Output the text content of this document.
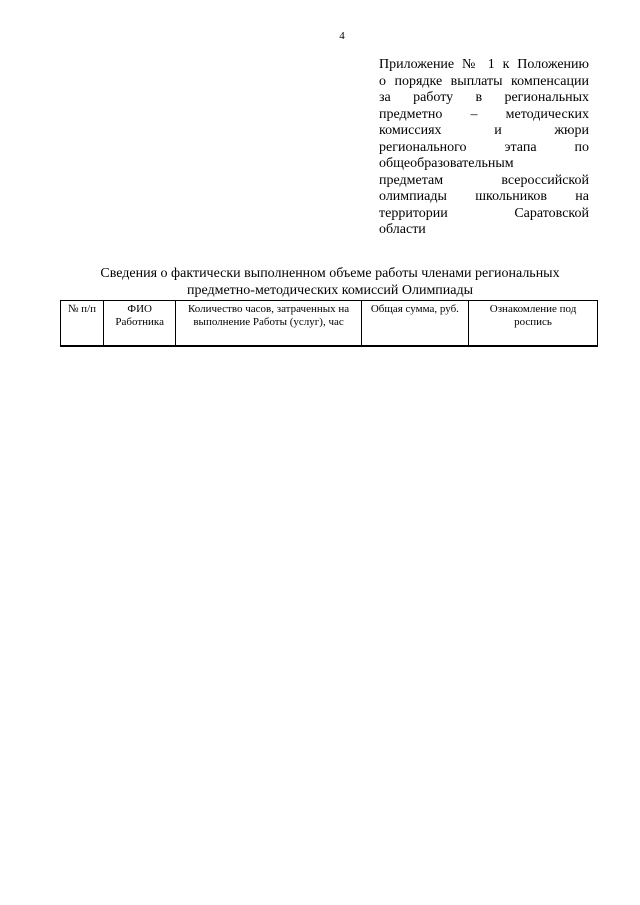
4
Приложение № 1 к Положению
о порядке выплаты компенсации
за работу в региональных
предметно – методических
комиссиях и жюри
регионального этапа по
общеобразовательным
предметам всероссийской
олимпиады школьников на
территории Саратовской
области
Сведения о фактически выполненном объеме работы членами региональных
предметно-методических комиссий Олимпиады
№ п/п	ФИО Работника	Количество часов, затраченных на выполнение Работы (услуг), час	Общая сумма, руб.	Ознакомление под роспись
